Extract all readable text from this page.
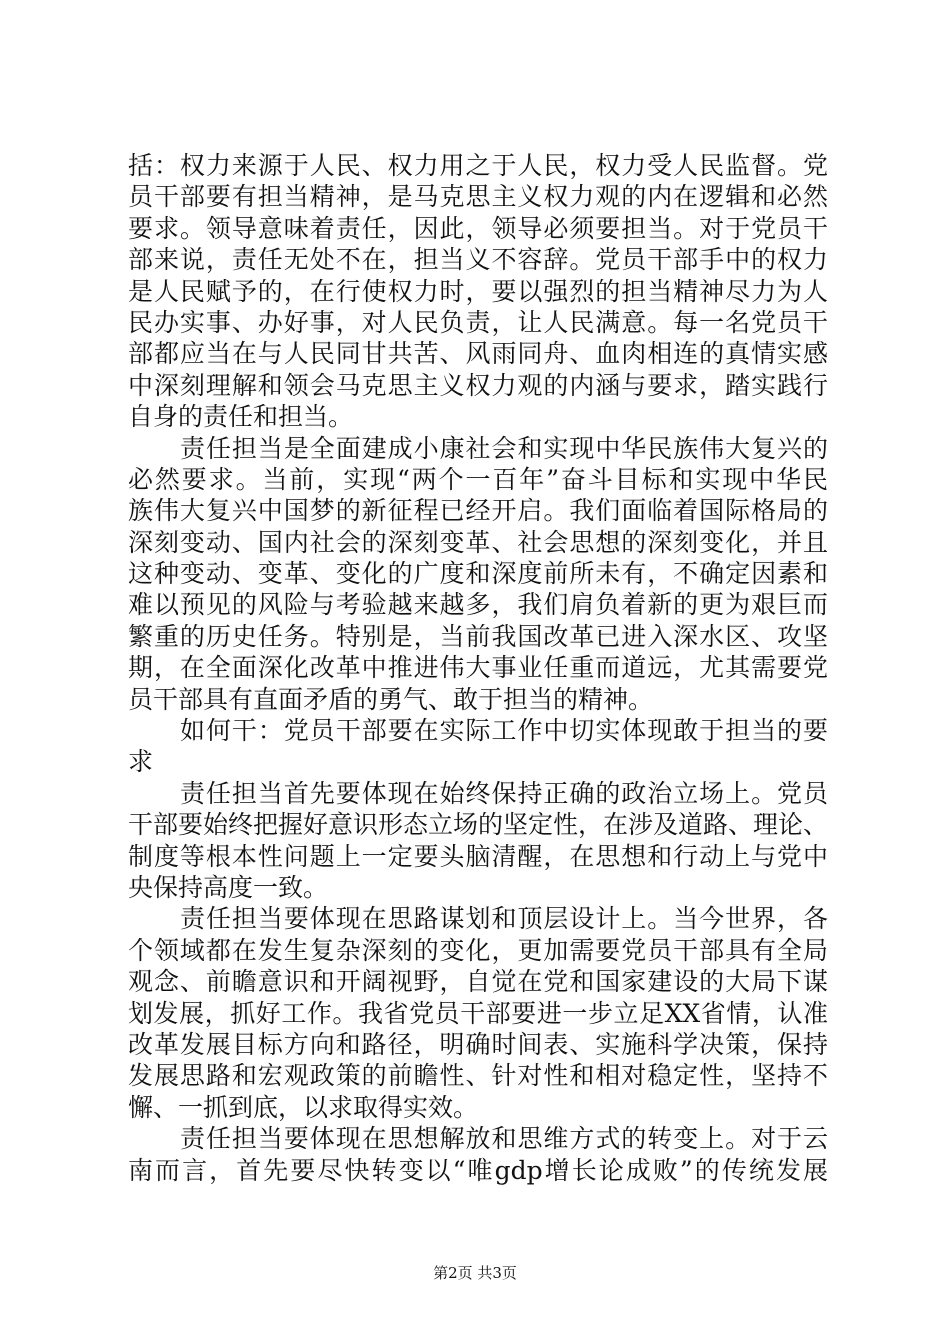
括：权力来源于人民、权力用之于人民，权力受人民监督。党
员干部要有担当精神，是马克思主义权力观的内在逻辑和必然
要求。领导意味着责任，因此，领导必须要担当。对于党员干
部来说，责任无处不在，担当义不容辞。党员干部手中的权力
是人民赋予的，在行使权力时，要以强烈的担当精神尽力为人
民办实事、办好事，对人民负责，让人民满意。每一名党员干
部都应当在与人民同甘共苦、风雨同舟、血肉相连的真情实感
中深刻理解和领会马克思主义权力观的内涵与要求，踏实践行
自身的责任和担当。
责任担当是全面建成小康社会和实现中华民族伟大复兴的
必然要求。当前，实现“两个一百年”奋斗目标和实现中华民
族伟大复兴中国梦的新征程已经开启。我们面临着国际格局的
深刻变动、国内社会的深刻变革、社会思想的深刻变化，并且
这种变动、变革、变化的广度和深度前所未有，不确定因素和
难以预见的风险与考验越来越多，我们肩负着新的更为艰巨而
繁重的历史任务。特别是，当前我国改革已进入深水区、攻坚
期，在全面深化改革中推进伟大事业任重而道远，尤其需要党
员干部具有直面矛盾的勇气、敢于担当的精神。
如何干：党员干部要在实际工作中切实体现敢于担当的要
求
责任担当首先要体现在始终保持正确的政治立场上。党员
干部要始终把握好意识形态立场的坚定性，在涉及道路、理论、
制度等根本性问题上一定要头脑清醒，在思想和行动上与党中
央保持高度一致。
责任担当要体现在思路谋划和顶层设计上。当今世界，各
个领域都在发生复杂深刻的变化，更加需要党员干部具有全局
观念、前瞻意识和开阔视野，自觉在党和国家建设的大局下谋
划发展，抓好工作。我省党员干部要进一步立足XX省情，认准
改革发展目标方向和路径，明确时间表、实施科学决策，保持
发展思路和宏观政策的前瞻性、针对性和相对稳定性，坚持不
懈、一抓到底，以求取得实效。
责任担当要体现在思想解放和思维方式的转变上。对于云
南而言，首先要尽快转变以“唯gdp增长论成败”的传统发展
第2页 共3页
